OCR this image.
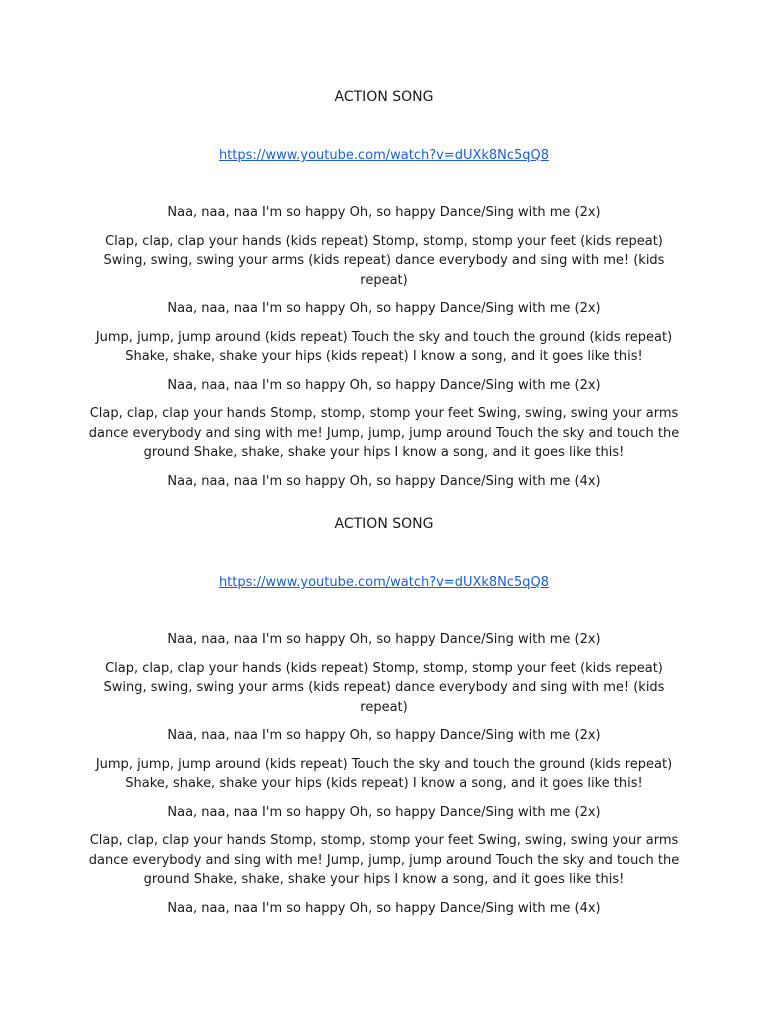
ACTION SONG
https://www.youtube.com/watch?v=dUXk8Nc5qQ8

Naa, naa, naa I'm so happy Oh, so happy Dance/Sing with me (2x)

Clap, clap, clap your hands (kids repeat) Stomp, stomp, stomp your feet (kids repeat) Swing, swing, swing your arms (kids repeat) dance everybody and sing with me! (kids repeat)

Naa, naa, naa I'm so happy Oh, so happy Dance/Sing with me (2x)

Jump, jump, jump around (kids repeat) Touch the sky and touch the ground (kids repeat) Shake, shake, shake your hips (kids repeat) I know a song, and it goes like this!

Naa, naa, naa I'm so happy Oh, so happy Dance/Sing with me (2x)

Clap, clap, clap your hands Stomp, stomp, stomp your feet Swing, swing, swing your arms dance everybody and sing with me! Jump, jump, jump around Touch the sky and touch the ground Shake, shake, shake your hips I know a song, and it goes like this!

Naa, naa, naa I'm so happy Oh, so happy Dance/Sing with me (4x)

ACTION SONG
https://www.youtube.com/watch?v=dUXk8Nc5qQ8

Naa, naa, naa I'm so happy Oh, so happy Dance/Sing with me (2x)

Clap, clap, clap your hands (kids repeat) Stomp, stomp, stomp your feet (kids repeat) Swing, swing, swing your arms (kids repeat) dance everybody and sing with me! (kids repeat)

Naa, naa, naa I'm so happy Oh, so happy Dance/Sing with me (2x)

Jump, jump, jump around (kids repeat) Touch the sky and touch the ground (kids repeat) Shake, shake, shake your hips (kids repeat) I know a song, and it goes like this!

Naa, naa, naa I'm so happy Oh, so happy Dance/Sing with me (2x)

Clap, clap, clap your hands Stomp, stomp, stomp your feet Swing, swing, swing your arms dance everybody and sing with me! Jump, jump, jump around Touch the sky and touch the ground Shake, shake, shake your hips I know a song, and it goes like this!

Naa, naa, naa I'm so happy Oh, so happy Dance/Sing with me (4x)
